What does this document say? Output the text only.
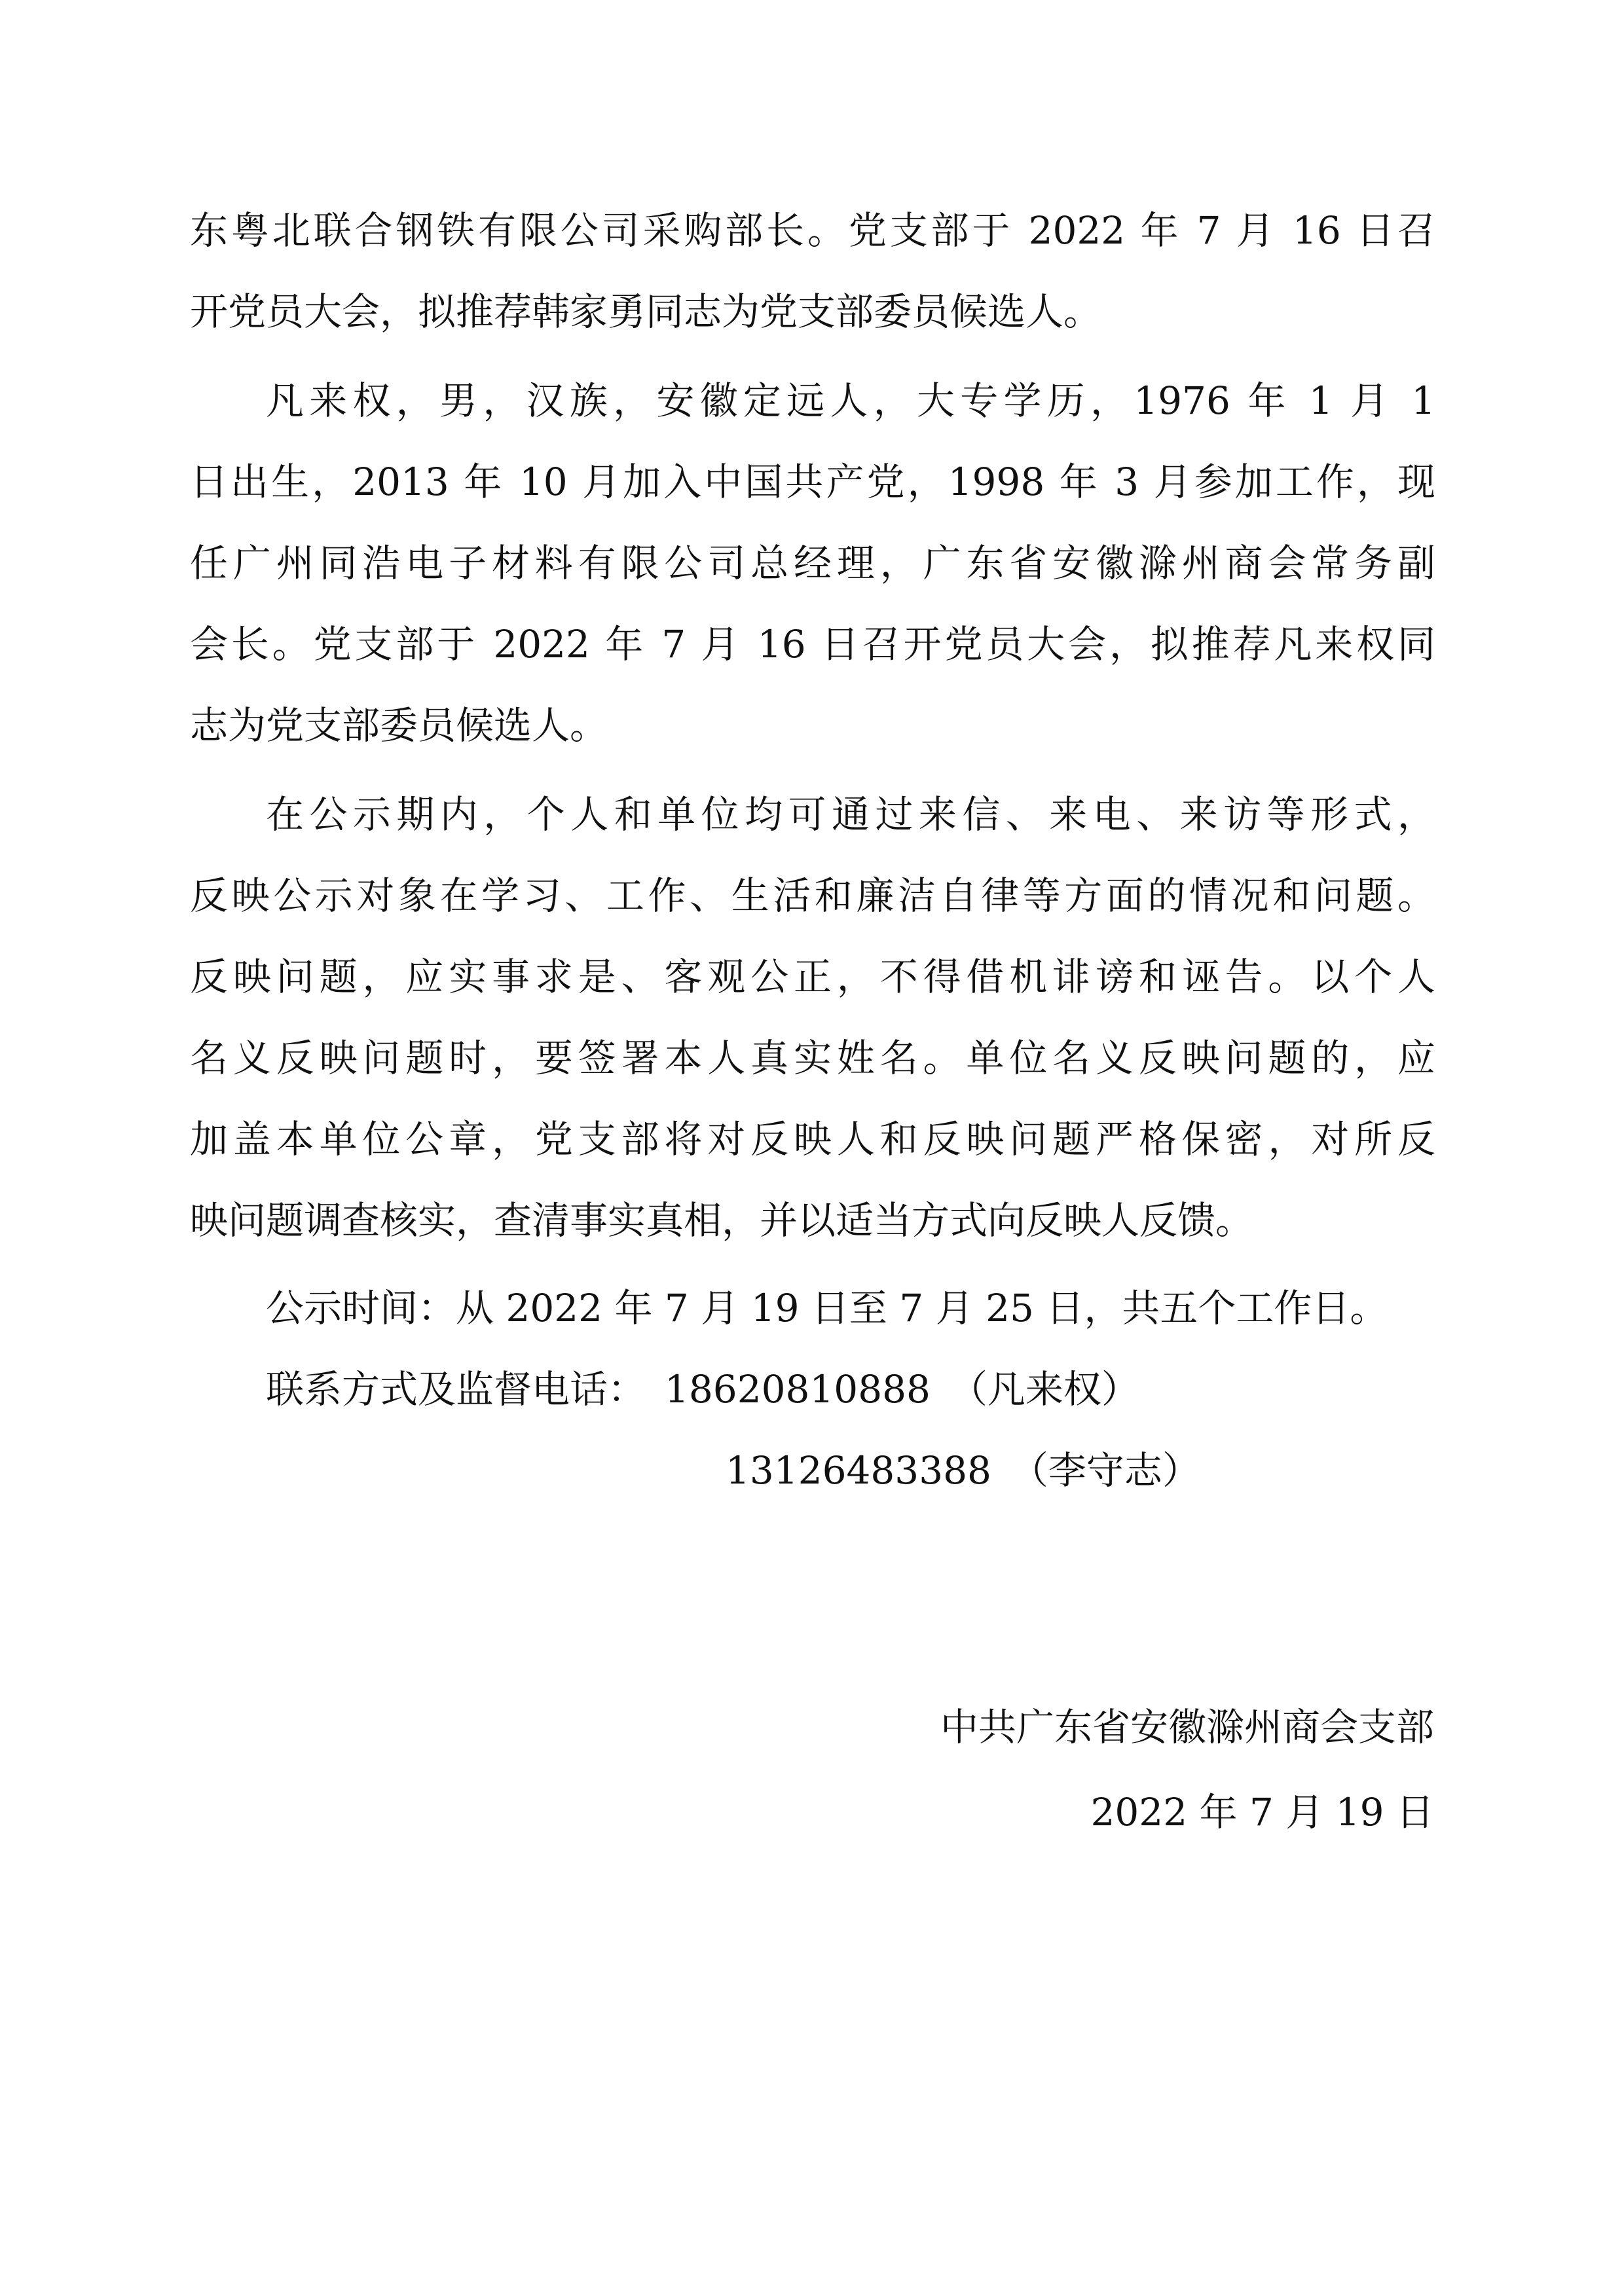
东粤北联合钢铁有限公司采购部长。党支部于 2022 年 7 月 16 日召
开党员大会，拟推荐韩家勇同志为党支部委员候选人。
凡来权，男，汉族，安徽定远人，大专学历，1976 年 1 月 1
日出生，2013 年 10 月加入中国共产党，1998 年 3 月参加工作，现
任广州同浩电子材料有限公司总经理，广东省安徽滁州商会常务副
会长。党支部于 2022 年 7 月 16 日召开党员大会，拟推荐凡来权同
志为党支部委员候选人。
在公示期内，个人和单位均可通过来信、来电、来访等形式，
反映公示对象在学习、工作、生活和廉洁自律等方面的情况和问题。
反映问题，应实事求是、客观公正，不得借机诽谤和诬告。以个人
名义反映问题时，要签署本人真实姓名。单位名义反映问题的，应
加盖本单位公章，党支部将对反映人和反映问题严格保密，对所反
映问题调查核实，查清事实真相，并以适当方式向反映人反馈。
公示时间：从 2022 年 7 月 19 日至 7 月 25 日，共五个工作日。
联系方式及监督电话：　18620810888　（凡来权）
13126483388　（李守志）
中共广东省安徽滁州商会支部
2022 年 7 月 19 日
